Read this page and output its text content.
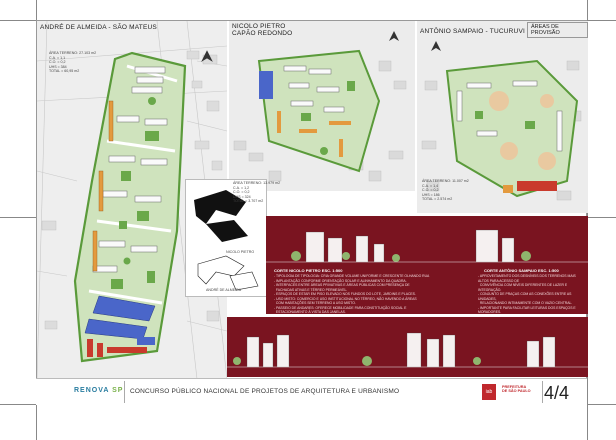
ANDRÉ DE ALMEIDA - SÃO MATEUS
ÁREA TERRENO: 27.103 m2
C.A. = 1,1
C.O. = 0,2
UHS = 384
TOTAL = 60,95 m2
NICOLO PIETRO
CAPÃO REDONDO	ANTÔNIO SAMPAIO - TUCURUVI
ÁREAS DE PROVISÃO
ÁREA TERRENO: 11.007 m2
C.A. = 1,4
C.O. = 0,2
UHS = 186
TOTAL = 2.574 m2
NICOLO PIETRO
ANDRÉ DE ALMEIDA
ÁREA TERRENO: 13.979 m2
C.A. = 1,2
C.O. = 0,2
UHS = 324
TOTAL = 3.707 m2
CORTE NICOLO PIETRO ESC. 1:500	CORTE ANTÔNIO SAMPAIO ESC. 1:500
- TIPOLOGIA DE TIPOLOGIA: CRIA GRANDE VOLUME UNIFORME E CRESCENTE OLHANDO RUA
- IMPLANTAÇÃO CONFORME ORIENTAÇÃO SOLAR E ALINHAMENTO DA QUADRA.
- INTERFACES ENTRE ÁREAS PRIVATIVAS E ÁREAS PÚBLICAS COM PRESENÇA DE
FACHADAS ATIVAS E TÉRREO PERMEÁVEL.
- ESPAÇOS DE ESTAR EM PISO ELEVADO NOS FUNDOS DO LOTE, JARDINS E PLACES.
- USO MISTO: COMERCIO E USO INSTITUCIONAL NO TÉRREO, NÃO HAVENDO A ÁREAS
COM HABITAÇÕES SEM TERRENO A USO MISTO.
- PASSEIO DE ANDARES: OFERECE MOBILIDADE PARA CONSTITUIÇÃO SOCIAL E
ESTACIONAMENTO À VISTA DAS JANELAS.
- APROVEITAMENTO DOS DESNÍVEIS DOS TERRENOS MAIS ALTOS PARA ACESSO DE
CONVIVÊNCIA COM NÍVEIS DIFERENTES DE LAZER E INTEGRAÇÃO.
- CONJUNTO DE PRAÇAS COM AS CONEXÕES ENTRE AS UNIDADES,
RELACIONANDO INTIMAMENTE COM O VAZIO CENTRAL.
- IMPORTANTE PARA FACILITAR LEITURAS DOS ESPAÇOS E MORADORES.
RENOVA SP CONCURSO PÚBLICO NACIONAL DE PROJETOS DE ARQUITETURA E URBANISMO	iab
PREFEITURA DE SÃO PAULO 4/4
